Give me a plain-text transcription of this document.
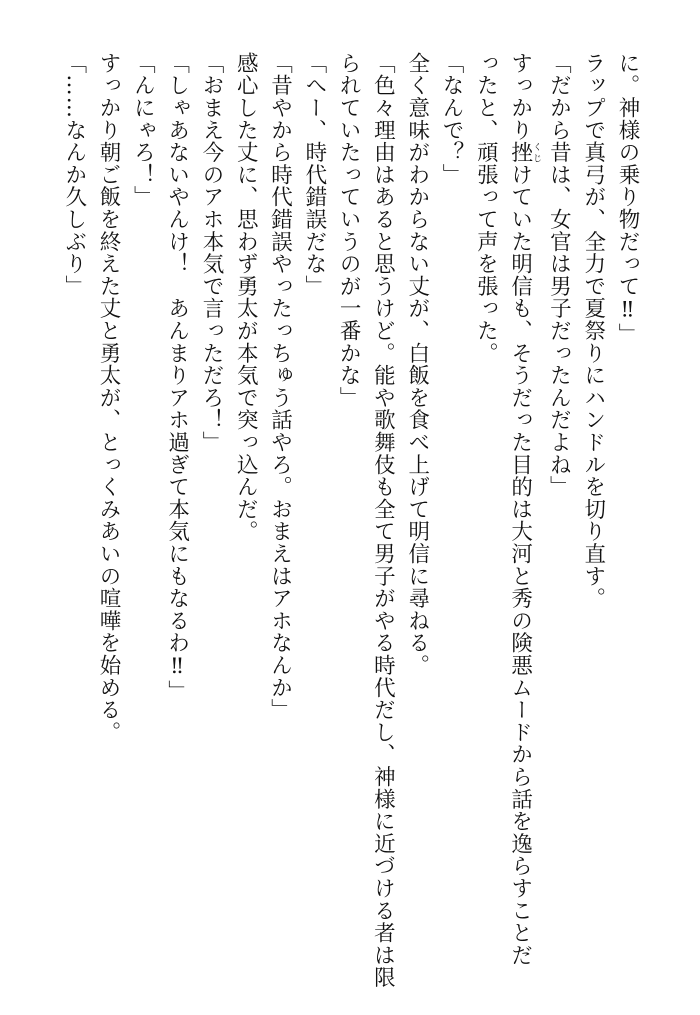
に。神様の乗り物だって‼」
ラップで真弓が、全力で夏祭りにハンドルを切り直す。
「だから昔は、女官は男子だったんだよね」
すっかり挫くじけていた明信も、そうだった目的は大河と秀の険悪ムードから話を逸らすことだ
ったと、頑張って声を張った。
「なんで？」
全く意味がわからない丈が、白飯を食べ上げて明信に尋ねる。
「色々理由はあると思うけど。能や歌舞伎も全て男子がやる時代だし、神様に近づける者は限
られていたっていうのが一番かな」
「へー、時代錯誤だな」
「昔やから時代錯誤やったっちゅう話やろ。おまえはアホなんか」
感心した丈に、思わず勇太が本気で突っ込んだ。
「おまえ今のアホ本気で言っただろ！」
「しゃあないやんけ！　あんまりアホ過ぎて本気にもなるわ‼」
「んにゃろ！」
すっかり朝ご飯を終えた丈と勇太が、とっくみあいの喧嘩を始める。
「……なんか久しぶり」
